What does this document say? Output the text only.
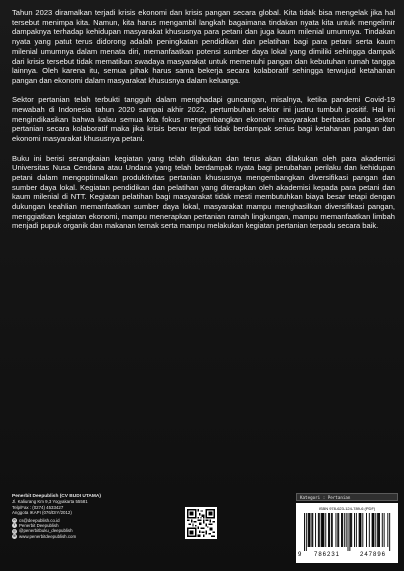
Tahun 2023 diramalkan terjadi krisis ekonomi dan krisis pangan secara global. Kita tidak bisa mengelak jika hal tersebut menimpa kita. Namun, kita harus mengambil langkah bagaimana tindakan nyata kita untuk mengelimir dampaknya terhadap kehidupan masyarakat khususnya para petani dan juga kaum milenial umumnya. Tindakan nyata yang patut terus didorong adalah peningkatan pendidikan dan pelatihan bagi para petani serta kaum milenial umumnya dalam menata diri, memanfaatkan potensi sumber daya lokal yang dimiliki sehingga dampak dari krisis tersebut tidak mematikan swadaya masyarakat untuk memenuhi pangan dan kebutuhan rumah tangga lainnya. Oleh karena itu, semua pihak harus sama bekerja secara kolaboratif sehingga terwujud ketahanan pangan dan ekonomi dalam masyarakat khususnya dalam keluarga.

Sektor pertanian telah terbukti tangguh dalam menghadapi guncangan, misalnya, ketika pandemi Covid-19 mewabah di Indonesia tahun 2020 sampai akhir 2022, pertumbuhan sektor ini justru tumbuh positif. Hal ini mengindikasikan bahwa kalau semua kita fokus mengembangkan ekonomi masyarakat berbasis pada sektor pertanian secara kolaboratif maka jika krisis benar terjadi tidak berdampak serius bagi ketahanan pangan dan ekonomi masyarakat khususnya petani.

Buku ini berisi serangkaian kegiatan yang telah dilakukan dan terus akan dilakukan oleh para akademisi Universitas Nusa Cendana atau Undana yang telah berdampak nyata bagi perubahan perilaku dan kehidupan petani dalam mengoptimalkan produktivitas pertanian khususnya mengembangkan diversifikasi pangan dan sumber daya lokal. Kegiatan pendidikan dan pelatihan yang diterapkan oleh akademisi kepada para petani dan kaum milenial di NTT. Kegiatan pelatihan bagi masyarakat tidak mesti membutuhkan biaya besar tetapi dengan dukungan keahlian memanfaatkan sumber daya lokal, masyarakat mampu menghasilkan diversifikasi pangan, menggiatkan kegiatan ekonomi, mampu menerapkan pertanian ramah lingkungan, mampu memanfaatkan limbah menjadi pupuk organik dan makanan ternak serta mampu melakukan kegiatan pertanian terpadu secara baik.

Penerbit Deepublish (CV BUDI UTAMA)
Jl. Kaliurang Km 9,3 Yogyakarta 55581
Telp/Fax : (0274) 4533427
Anggota IKAPI (076/DIY/2012)
✉ cs@deepublish.co.id
f Penerbit Deepublish
◎ @penerbitbuku_deepublish
⊕ www.penerbitdeepublish.com
Kategori : Pertanian
ISBN 978-623-124-789-6 (PDF)
9	786231	247896
